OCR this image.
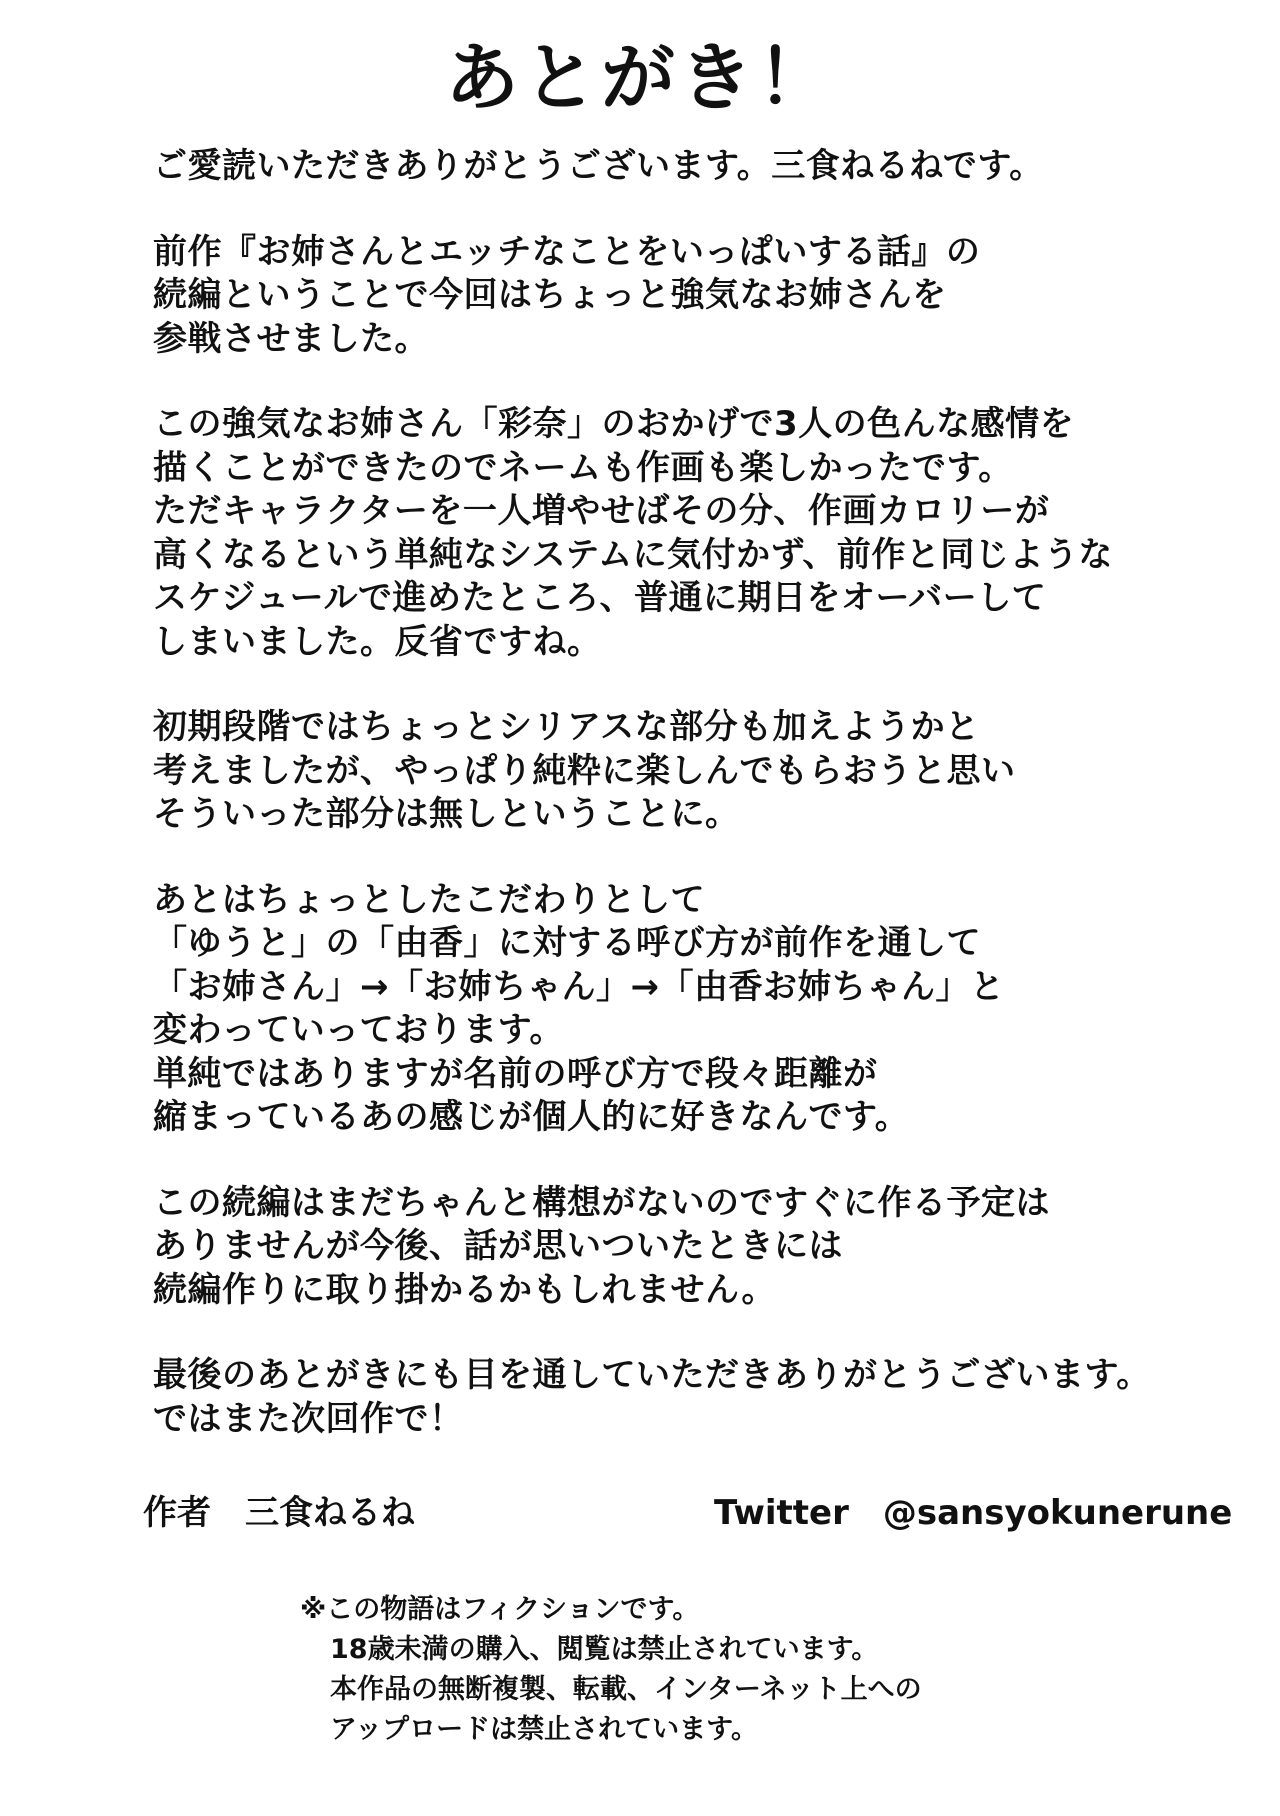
あとがき！
ご愛読いただきありがとうございます。三食ねるねです。
前作『お姉さんとエッチなことをいっぱいする話』の
続編ということで今回はちょっと強気なお姉さんを
参戦させました。
この強気なお姉さん「彩奈」のおかげで3人の色んな感情を
描くことができたのでネームも作画も楽しかったです。
ただキャラクターを一人増やせばその分、作画カロリーが
高くなるという単純なシステムに気付かず、前作と同じような
スケジュールで進めたところ、普通に期日をオーバーして
しまいました。反省ですね。
初期段階ではちょっとシリアスな部分も加えようかと
考えましたが、やっぱり純粋に楽しんでもらおうと思い
そういった部分は無しということに。
あとはちょっとしたこだわりとして
「ゆうと」の「由香」に対する呼び方が前作を通して
「お姉さん」→「お姉ちゃん」→「由香お姉ちゃん」と
変わっていっております。
単純ではありますが名前の呼び方で段々距離が
縮まっているあの感じが個人的に好きなんです。
この続編はまだちゃんと構想がないのですぐに作る予定は
ありませんが今後、話が思いついたときには
続編作りに取り掛かるかもしれません。
最後のあとがきにも目を通していただきありがとうございます。
ではまた次回作で！
作者 三食ねるね	Twitter @sansyokunerune
※この物語はフィクションです。
18歳未満の購入、閲覧は禁止されています。
本作品の無断複製、転載、インターネット上への
アップロードは禁止されています。
